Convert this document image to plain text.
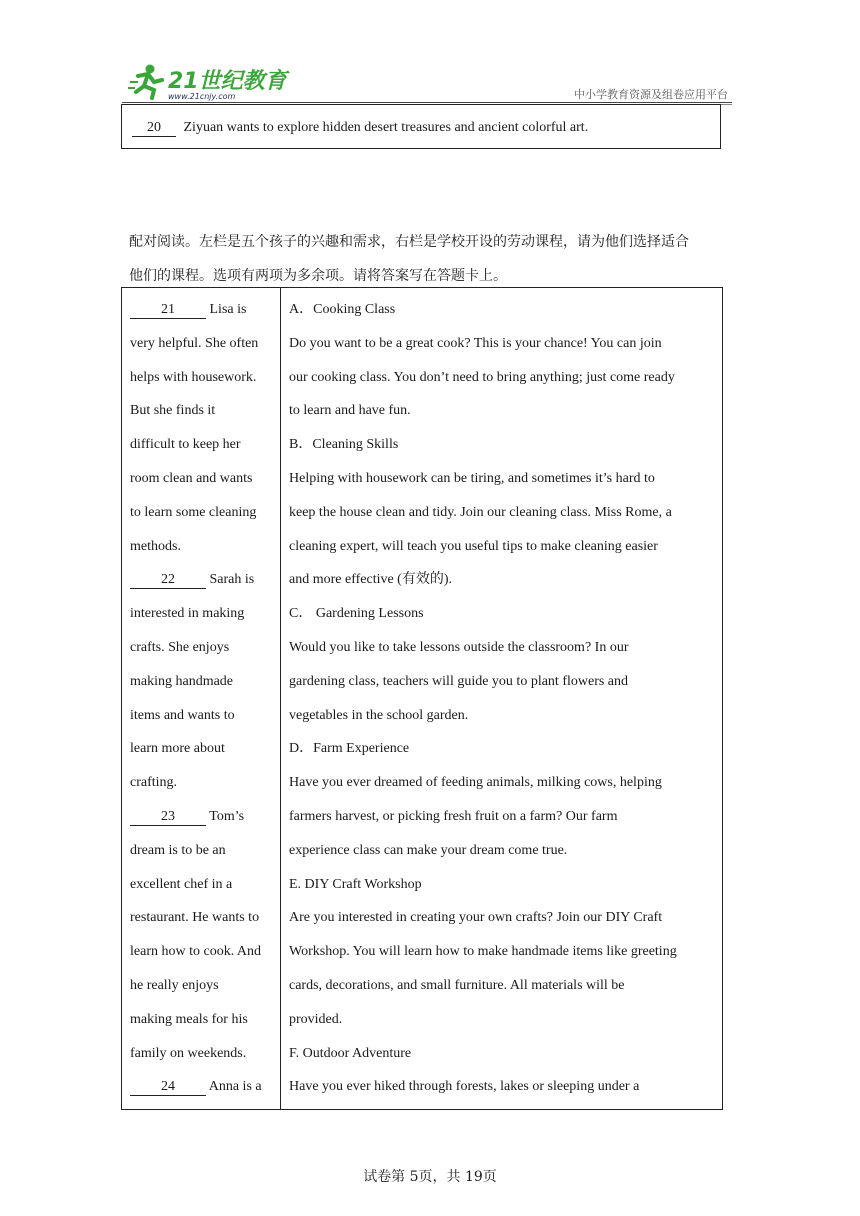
21世纪教育
www.21cnjy.com	中小学教育资源及组卷应用平台
20 Ziyuan wants to explore hidden desert treasures and ancient colorful art.
配对阅读。左栏是五个孩子的兴趣和需求，右栏是学校开设的劳动课程，请为他们选择适合
他们的课程。选项有两项为多余项。请将答案写在答题卡上。
21 Lisa is
very helpful. She often
helps with housework.
But she finds it
difficult to keep her
room clean and wants
to learn some cleaning
methods.
22 Sarah is
interested in making
crafts. She enjoys
making handmade
items and wants to
learn more about
crafting.
23 Tom’s
dream is to be an
excellent chef in a
restaurant. He wants to
learn how to cook. And
he really enjoys
making meals for his
family on weekends.
24 Anna is a
A．Cooking Class
Do you want to be a great cook? This is your chance! You can join
our cooking class. You don’t need to bring anything; just come ready
to learn and have fun.
B．Cleaning Skills
Helping with housework can be tiring, and sometimes it’s hard to
keep the house clean and tidy. Join our cleaning class. Miss Rome, a
cleaning expert, will teach you useful tips to make cleaning easier
and more effective (有效的).
C． Gardening Lessons
Would you like to take lessons outside the classroom? In our
gardening class, teachers will guide you to plant flowers and
vegetables in the school garden.
D．Farm Experience
Have you ever dreamed of feeding animals, milking cows, helping
farmers harvest, or picking fresh fruit on a farm? Our farm
experience class can make your dream come true.
E. DIY Craft Workshop
Are you interested in creating your own crafts? Join our DIY Craft
Workshop. You will learn how to make handmade items like greeting
cards, decorations, and small furniture. All materials will be
provided.
F. Outdoor Adventure
Have you ever hiked through forests, lakes or sleeping under a
试卷第 5页，共 19页
